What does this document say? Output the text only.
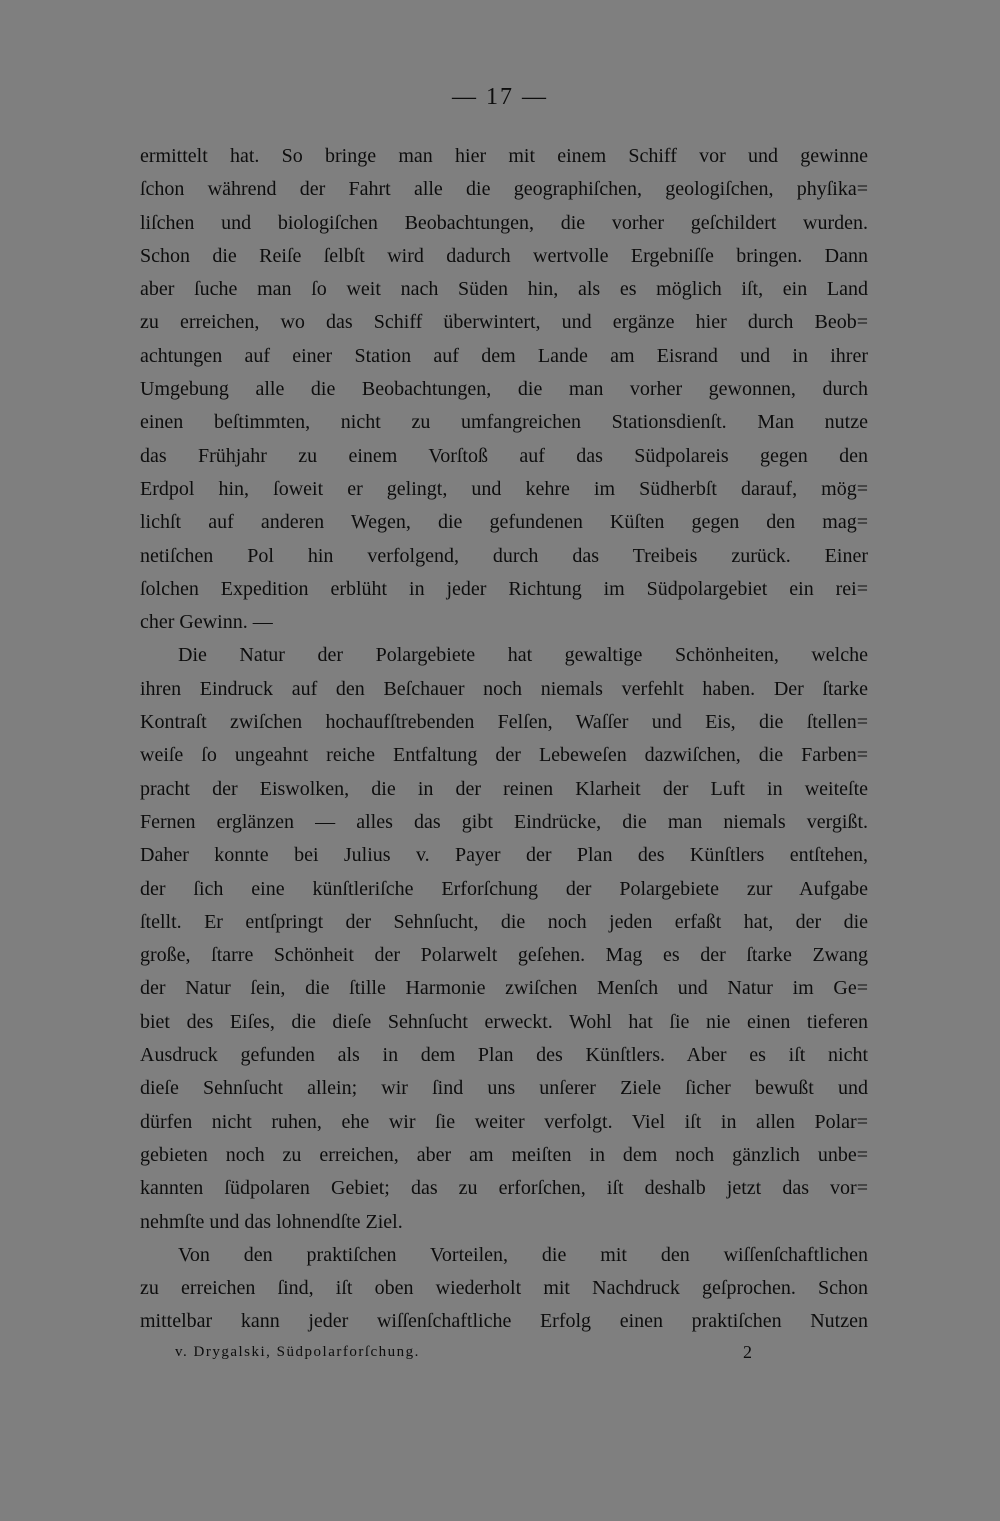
— 17 —
ermittelt hat. So bringe man hier mit einem Schiff vor und gewinne
ſchon während der Fahrt alle die geographiſchen, geologiſchen, phyſika=
liſchen und biologiſchen Beobachtungen, die vorher geſchildert wurden.
Schon die Reiſe ſelbſt wird dadurch wertvolle Ergebniſſe bringen. Dann
aber ſuche man ſo weit nach Süden hin, als es möglich iſt, ein Land
zu erreichen, wo das Schiff überwintert, und ergänze hier durch Beob=
achtungen auf einer Station auf dem Lande am Eisrand und in ihrer
Umgebung alle die Beobachtungen, die man vorher gewonnen, durch
einen beſtimmten, nicht zu umfangreichen Stationsdienſt. Man nutze
das Frühjahr zu einem Vorſtoß auf das Südpolareis gegen den
Erdpol hin, ſoweit er gelingt, und kehre im Südherbſt darauf, mög=
lichſt auf anderen Wegen, die gefundenen Küſten gegen den mag=
netiſchen Pol hin verfolgend, durch das Treibeis zurück. Einer
ſolchen Expedition erblüht in jeder Richtung im Südpolargebiet ein rei=
cher Gewinn. —
Die Natur der Polargebiete hat gewaltige Schönheiten, welche
ihren Eindruck auf den Beſchauer noch niemals verfehlt haben. Der ſtarke
Kontraſt zwiſchen hochaufſtrebenden Felſen, Waſſer und Eis, die ſtellen=
weiſe ſo ungeahnt reiche Entfaltung der Lebeweſen dazwiſchen, die Farben=
pracht der Eiswolken, die in der reinen Klarheit der Luft in weiteſte
Fernen erglänzen — alles das gibt Eindrücke, die man niemals vergißt.
Daher konnte bei Julius v. Payer der Plan des Künſtlers entſtehen,
der ſich eine künſtleriſche Erforſchung der Polargebiete zur Aufgabe
ſtellt. Er entſpringt der Sehnſucht, die noch jeden erfaßt hat, der die
große, ſtarre Schönheit der Polarwelt geſehen. Mag es der ſtarke Zwang
der Natur ſein, die ſtille Harmonie zwiſchen Menſch und Natur im Ge=
biet des Eiſes, die dieſe Sehnſucht erweckt. Wohl hat ſie nie einen tieferen
Ausdruck gefunden als in dem Plan des Künſtlers. Aber es iſt nicht
dieſe Sehnſucht allein; wir ſind uns unſerer Ziele ſicher bewußt und
dürfen nicht ruhen, ehe wir ſie weiter verfolgt. Viel iſt in allen Polar=
gebieten noch zu erreichen, aber am meiſten in dem noch gänzlich unbe=
kannten ſüdpolaren Gebiet; das zu erforſchen, iſt deshalb jetzt das vor=
nehmſte und das lohnendſte Ziel.
Von den praktiſchen Vorteilen, die mit den wiſſenſchaftlichen
zu erreichen ſind, iſt oben wiederholt mit Nachdruck geſprochen. Schon
mittelbar kann jeder wiſſenſchaftliche Erfolg einen praktiſchen Nutzen
v. Drygalski, Südpolarforſchung.	2
